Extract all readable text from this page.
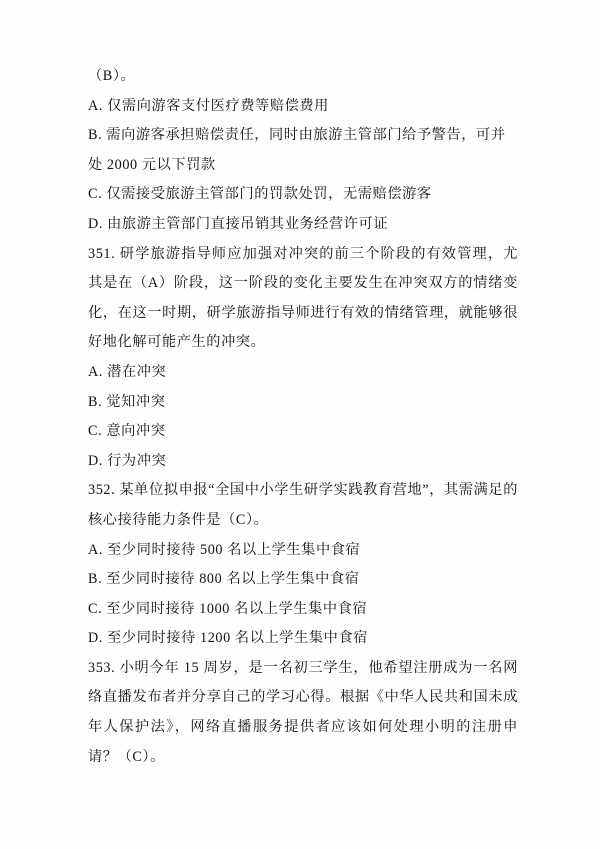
（B）。

A. 仅需向游客支付医疗费等赔偿费用

B. 需向游客承担赔偿责任，同时由旅游主管部门给予警告，可并处 2000 元以下罚款

C. 仅需接受旅游主管部门的罚款处罚，无需赔偿游客

D. 由旅游主管部门直接吊销其业务经营许可证

351. 研学旅游指导师应加强对冲突的前三个阶段的有效管理，尤其是在（A）阶段，这一阶段的变化主要发生在冲突双方的情绪变化，在这一时期，研学旅游指导师进行有效的情绪管理，就能够很好地化解可能产生的冲突。

A. 潜在冲突

B. 觉知冲突

C. 意向冲突

D. 行为冲突

352. 某单位拟申报“全国中小学生研学实践教育营地”，其需满足的核心接待能力条件是（C）。

A. 至少同时接待 500 名以上学生集中食宿

B. 至少同时接待 800 名以上学生集中食宿

C. 至少同时接待 1000 名以上学生集中食宿

D. 至少同时接待 1200 名以上学生集中食宿

353. 小明今年 15 周岁，是一名初三学生，他希望注册成为一名网络直播发布者并分享自己的学习心得。根据《中华人民共和国未成年人保护法》，网络直播服务提供者应该如何处理小明的注册申请？（C）。
